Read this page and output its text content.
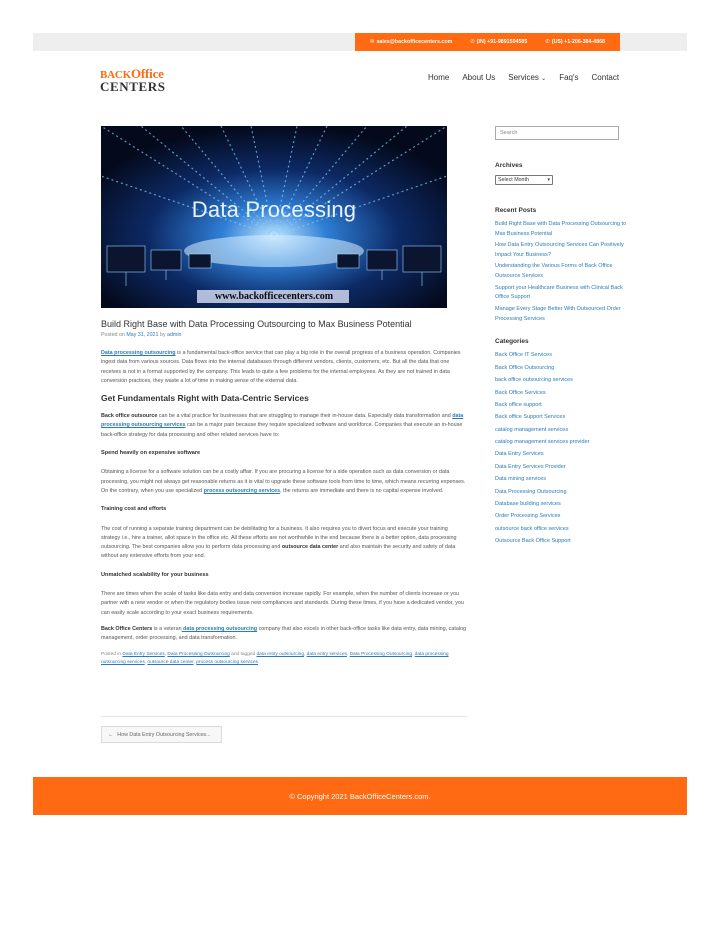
✉ sales@backofficecenters.com	✆ (IN) +91-9891504585	✆ (US) +1-206-384-4868
BACKOffice
CENTERS
Home About Us Services ⌄ Faq's Contact
Data Processing
www.backofficecenters.com
Build Right Base with Data Processing Outsourcing to Max Business Potential
Posted on May 31, 2021 by admin

Data processing outsourcing is a fundamental back-office service that can play a big role in the overall progress of a business operation. Companies ingest data from various sources. Data flows into the internal databases through different vendors, clients, customers, etc. But all the data that one receives is not in a format supported by the company. This leads to quite a few problems for the internal employees. As they are not trained in data conversion practices, they waste a lot of time in making sense of the external data.

Get Fundamentals Right with Data-Centric Services

Back office outsource can be a vital practice for businesses that are struggling to manage their in-house data. Especially data transformation and data processing outsourcing services can be a major pain because they require specialized software and workforce. Companies that execute an in-house back-office strategy for data processing and other related services have to:

Spend heavily on expensive software

Obtaining a license for a software solution can be a costly affair. If you are procuring a license for a side operation such as data conversion or data processing, you might not always get reasonable returns as it is vital to upgrade these software tools from time to time, which means recurring expenses. On the contrary, when you use specialized process outsourcing services, the returns are immediate and there is no capital expense involved.

Training cost and efforts

The cost of running a separate training department can be debilitating for a business. It also requires you to divert focus and execute your training strategy i.e., hire a trainer, allot space in the office etc. All these efforts are not worthwhile in the end because there is a better option, data processing outsourcing. The best companies allow you to perform data processing and outsource data center and also maintain the security and safety of data without any extensive efforts from your end.

Unmatched scalability for your business

There are times when the scale of tasks like data entry and data conversion increase rapidly. For example, when the number of clients increase or you partner with a new vendor or when the regulatory bodies issue new compliances and standards. During these times, if you have a dedicated vendor, you can easily scale according to your exact business requirements.

Back Office Centers is a veteran data processing outsourcing company that also excels in other back-office tasks like data entry, data mining, catalog management, order processing, and data transformation.

Posted in Data Entry Services, Data Processing Outsourcing and tagged data entry outsourcing, data entry services, Data Processing Outsourcing, data processing outsourcing services, outsource data center, process outsourcing services
← How Data Entry Outsourcing Services...
Search
Archives
Select Month	▾
Recent Posts
Build Right Base with Data Processing Outsourcing to Max Business Potential
How Data Entry Outsourcing Services Can Positively Impact Your Business?
Understanding the Various Forms of Back Office Outsource Services
Support your Healthcare Business with Clinical Back Office Support
Manage Every Stage Better With Outsourced Order Processing Services
Categories
Back Office IT Services
Back Office Outsourcing
back office outsourcing services
Back Office Services
Back office support
Back office Support Services
catalog management services
catalog management services provider
Data Entry Services
Data Entry Services Provider
Data mining services
Data Processing Outsourcing
Database building services
Order Processing Services
outsource back office services
Outsource Back Office Support
© Copyright 2021 BackOfficeCenters.com.
